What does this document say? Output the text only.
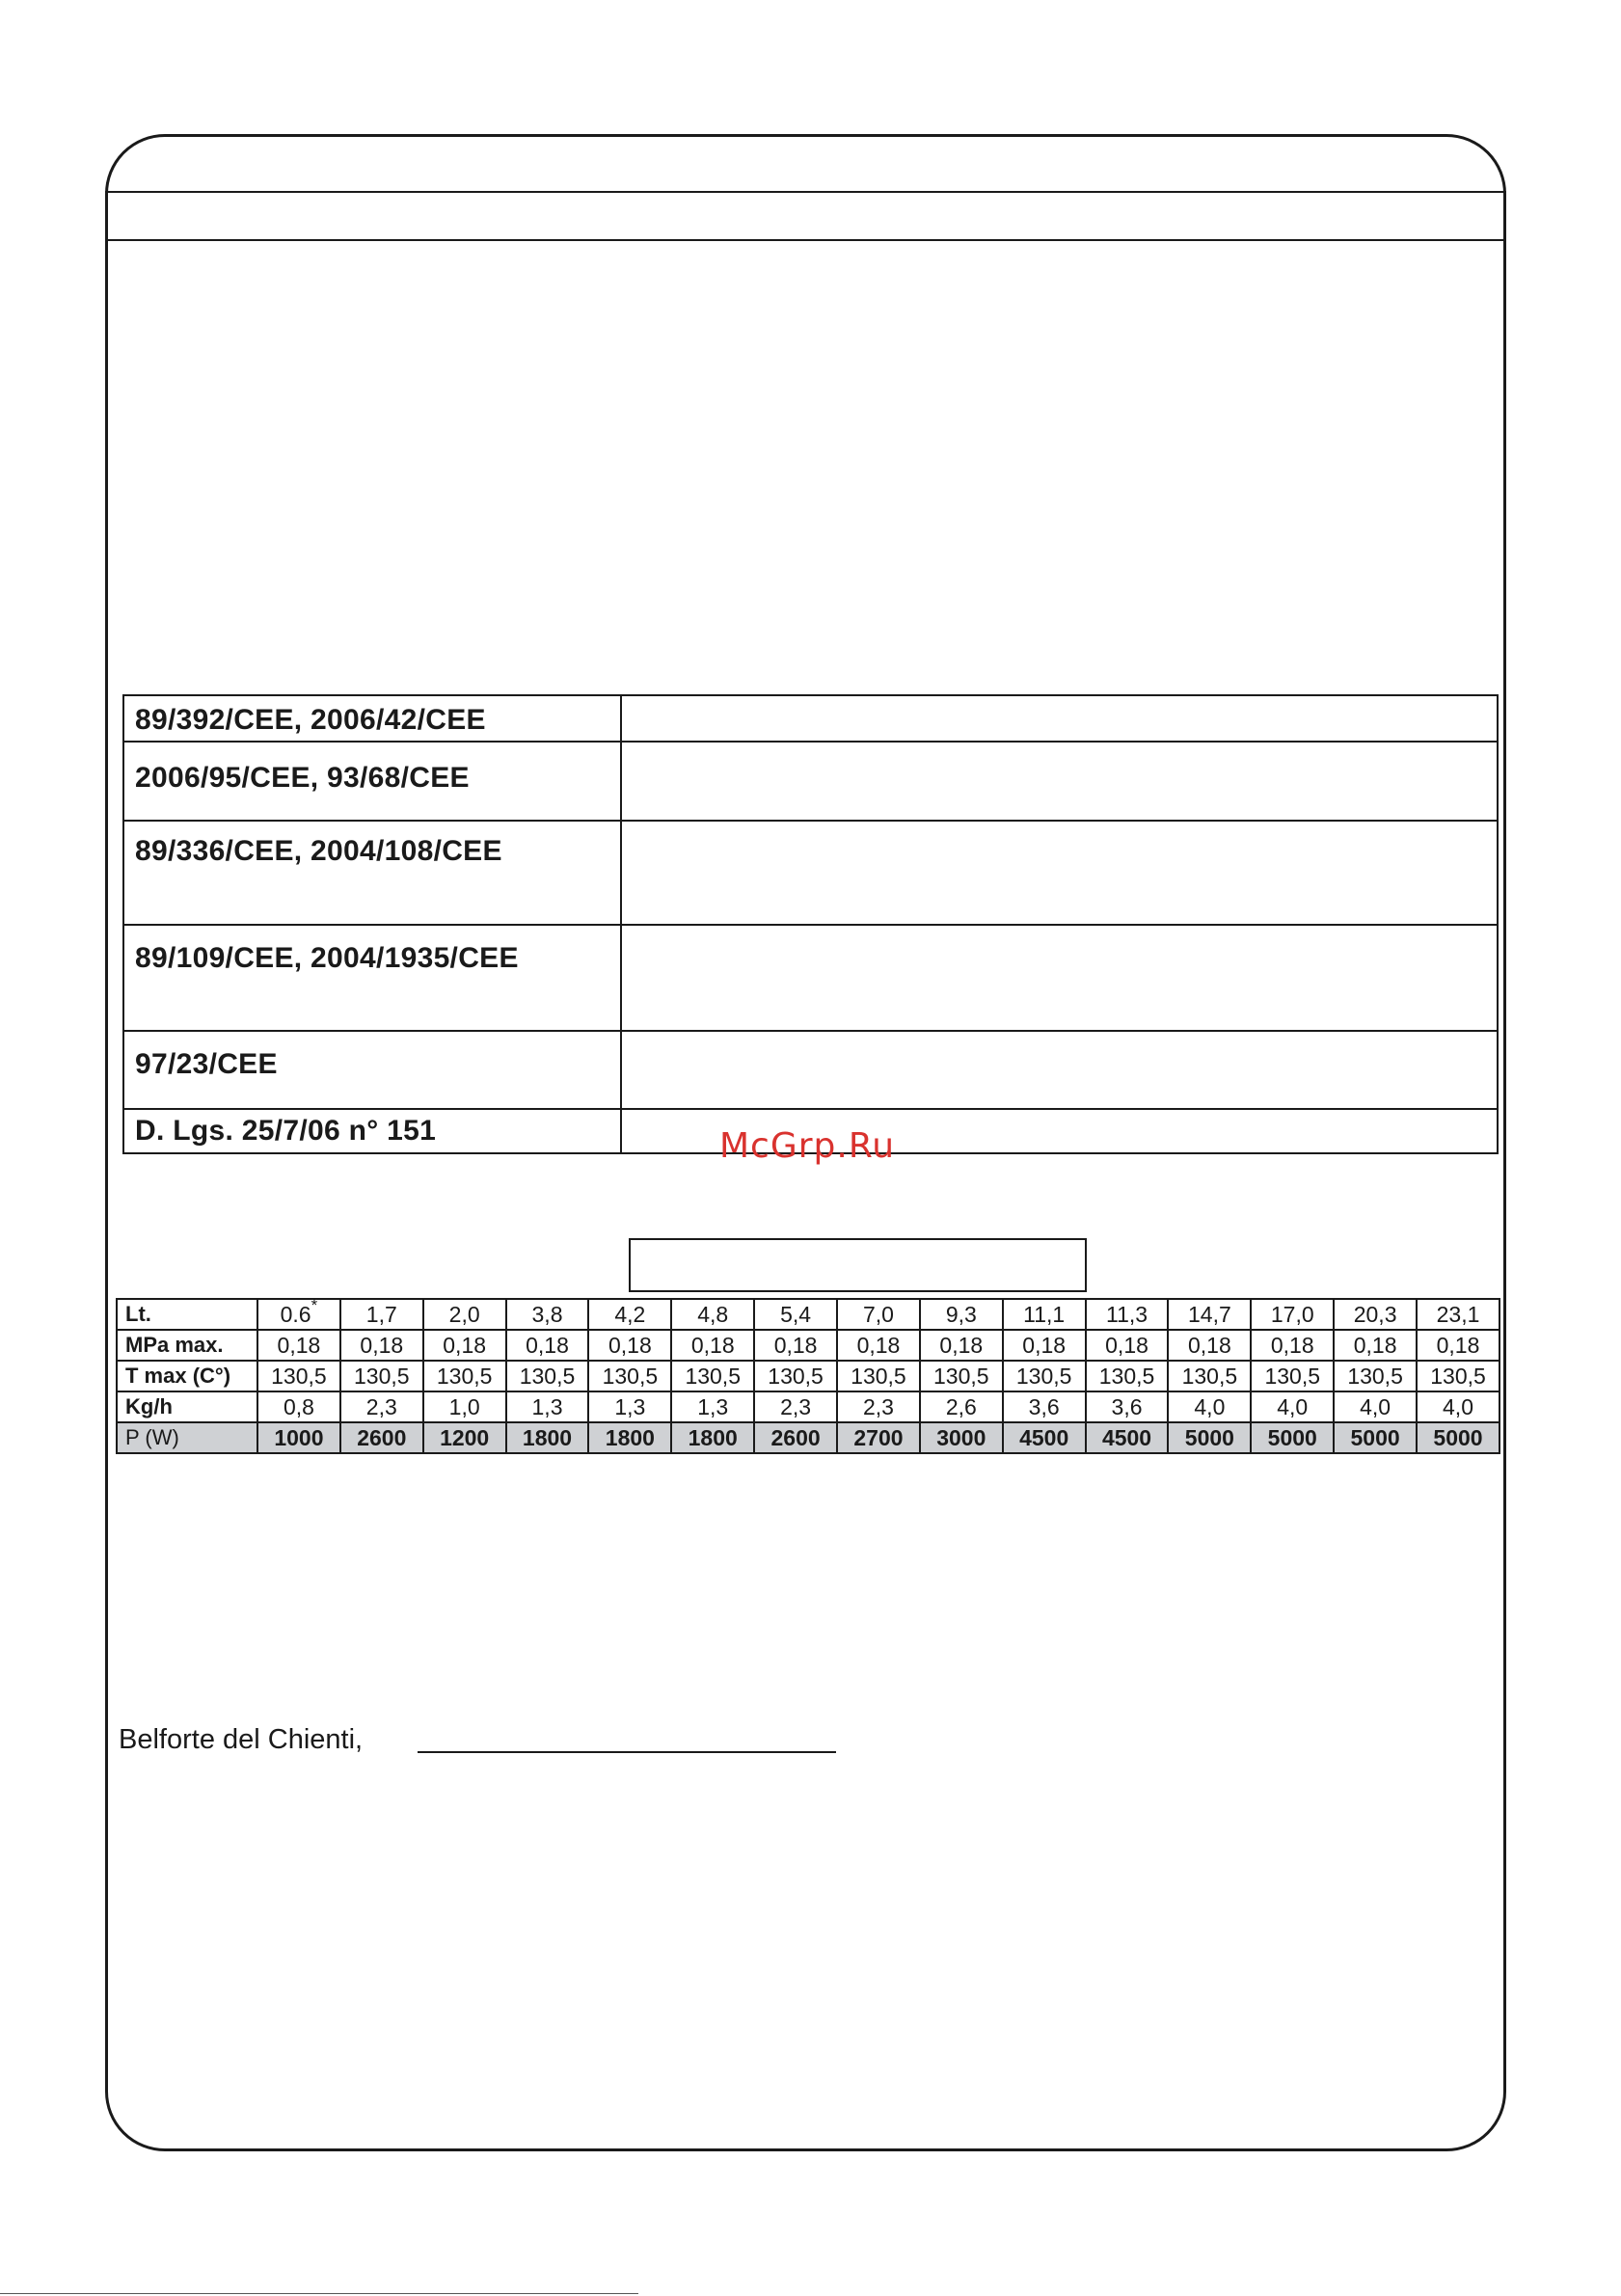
89/392/CEE, 2006/42/CEE	
2006/95/CEE, 93/68/CEE	
89/336/CEE, 2004/108/CEE	
89/109/CEE, 2004/1935/CEE	
97/23/CEE	
D. Lgs. 25/7/06 n° 151		McGrp.Ru
Lt.	0.6*	1,7	2,0	3,8	4,2	4,8	5,4	7,0	9,3	11,1	11,3	14,7	17,0	20,3	23,1
MPa max.	0,18	0,18	0,18	0,18	0,18	0,18	0,18	0,18	0,18	0,18	0,18	0,18	0,18	0,18	0,18
T max (C°)	130,5	130,5	130,5	130,5	130,5	130,5	130,5	130,5	130,5	130,5	130,5	130,5	130,5	130,5	130,5
Kg/h	0,8	2,3	1,0	1,3	1,3	1,3	2,3	2,3	2,6	3,6	3,6	4,0	4,0	4,0	4,0
P (W)	1000	2600	1200	1800	1800	1800	2600	2700	3000	4500	4500	5000	5000	5000	5000
Belforte del Chienti,
